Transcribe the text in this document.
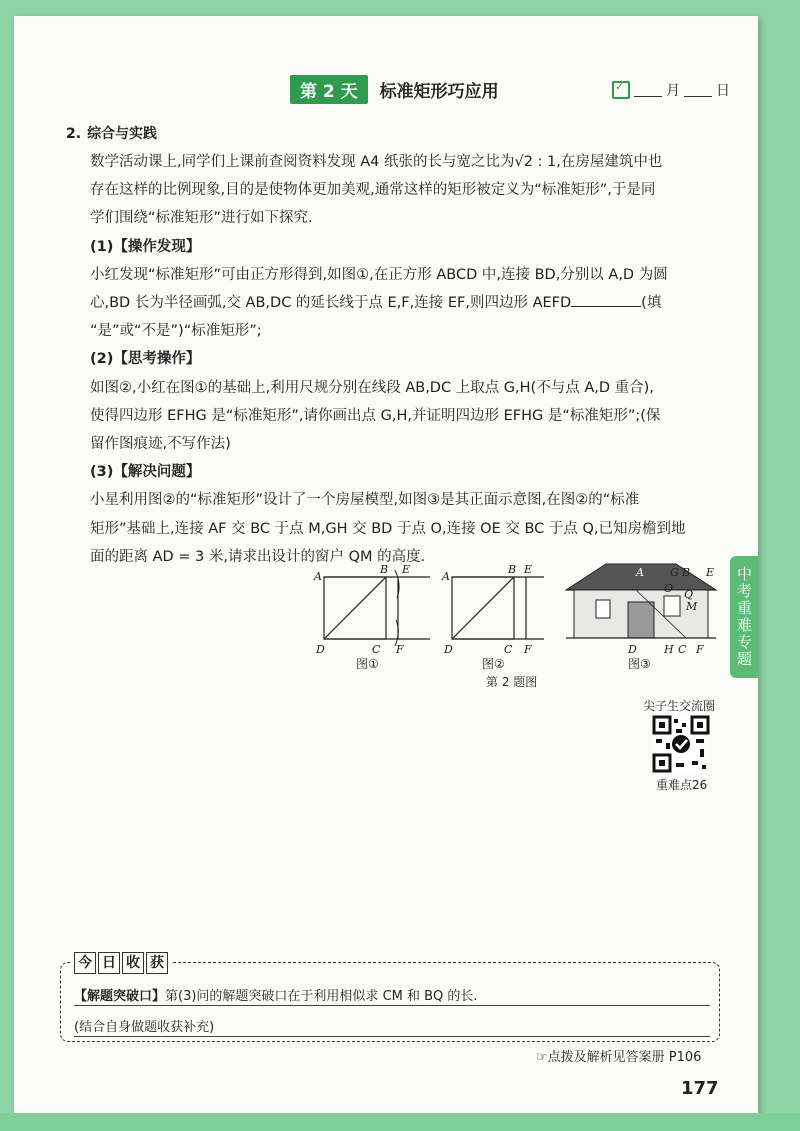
第 2 天	标准矩形巧应用
✓	月	日
2. 综合与实践

数学活动课上,同学们上课前查阅资料发现 A4 纸张的长与宽之比为√2 : 1,在房屋建筑中也

存在这样的比例现象,目的是使物体更加美观,通常这样的矩形被定义为“标准矩形”,于是同

学们围绕“标准矩形”进行如下探究.

(1)【操作发现】

小红发现“标准矩形”可由正方形得到,如图①,在正方形 ABCD 中,连接 BD,分别以 A,D 为圆

心,BD 长为半径画弧,交 AB,DC 的延长线于点 E,F,连接 EF,则四边形 AEFD	(填

“是”或“不是”)“标准矩形”;

(2)【思考操作】

如图②,小红在图①的基础上,利用尺规分别在线段 AB,DC 上取点 G,H(不与点 A,D 重合),

使得四边形 EFHG 是“标准矩形”,请你画出点 G,H,并证明四边形 EFHG 是“标准矩形”;(保

留作图痕迹,不写作法)

(3)【解决问题】

小星利用图②的“标准矩形”设计了一个房屋模型,如图③是其正面示意图,在图②的“标准

矩形”基础上,连接 AF 交 BC 于点 M,GH 交 BD 于点 O,连接 OE 交 BC 于点 Q,已知房檐到地

面的距离 AD = 3 米,请求出设计的窗户 QM 的高度.

A
B E
D	C F
A
B E
D	C F
A G B E
O Q
M
D H C F
图①	图②	图③
第 2 题图
中考重难专题
尖子生交流圈
重难点26
今 日 收 获
【解题突破口】第(3)问的解题突破口在于利用相似求 CM 和 BQ 的长.
(结合自身做题收获补充)
☞点拨及解析见答案册 P106
177
